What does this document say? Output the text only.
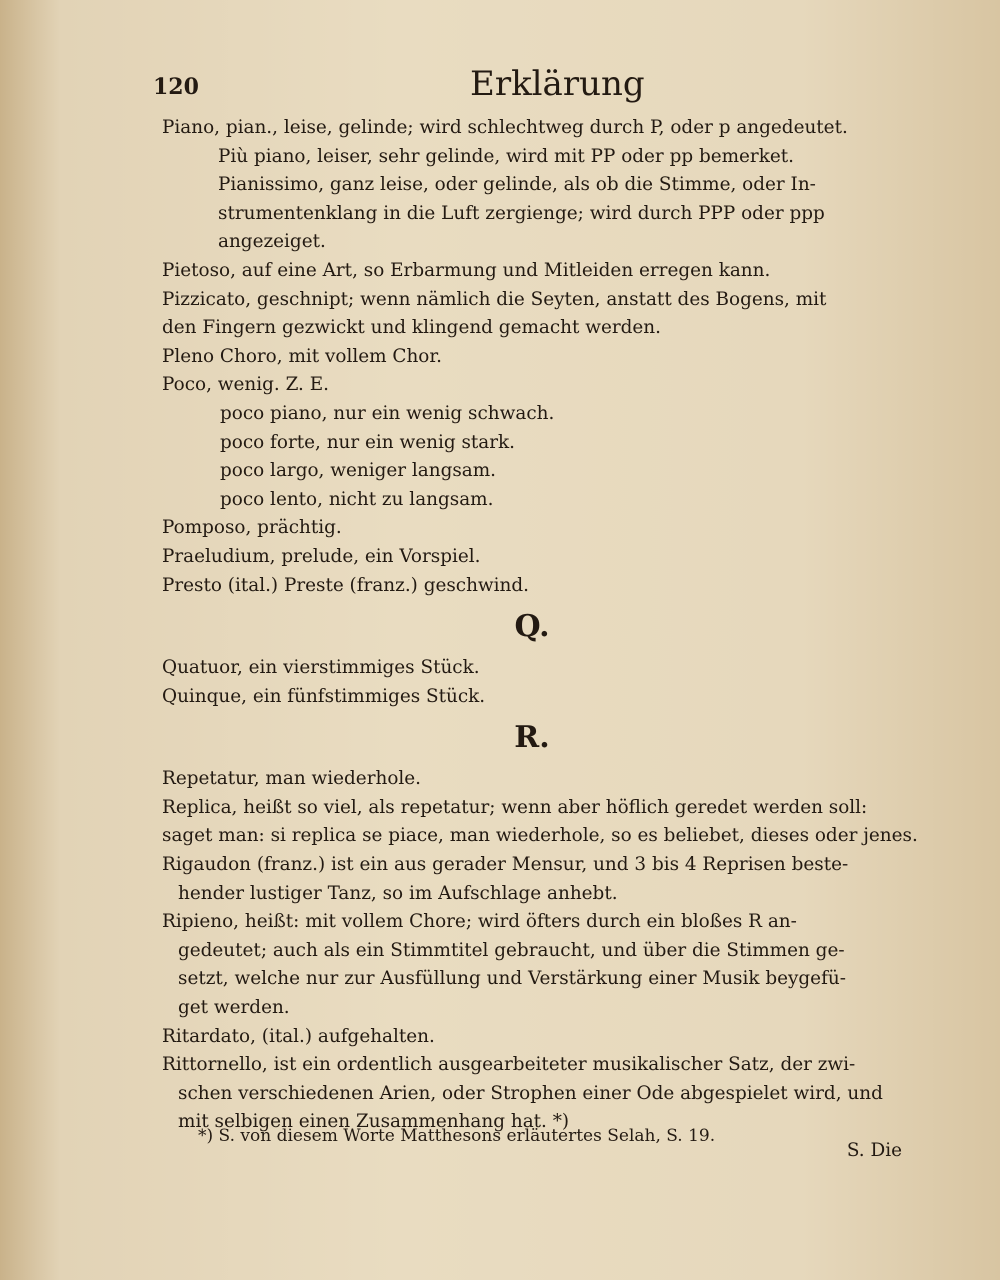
120	Erklärung
Piano, pian., leise, gelinde; wird schlechtweg durch P, oder p angedeutet.
Più piano, leiser, sehr gelinde, wird mit PP oder pp bemerket.
Pianissimo, ganz leise, oder gelinde, als ob die Stimme, oder In-
strumentenklang in die Luft zergienge; wird durch PPP oder ppp
angezeiget.
Pietoso, auf eine Art, so Erbarmung und Mitleiden erregen kann.
Pizzicato, geschnipt; wenn nämlich die Seyten, anstatt des Bogens, mit
den Fingern gezwickt und klingend gemacht werden.
Pleno Choro, mit vollem Chor.
Poco, wenig. Z. E.
poco piano, nur ein wenig schwach.
poco forte, nur ein wenig stark.
poco largo, weniger langsam.
poco lento, nicht zu langsam.
Pomposo, prächtig.
Praeludium, prelude, ein Vorspiel.
Presto (ital.) Preste (franz.) geschwind.
Q.
Quatuor, ein vierstimmiges Stück.
Quinque, ein fünfstimmiges Stück.
R.
Repetatur, man wiederhole.
Replica, heißt so viel, als repetatur; wenn aber höflich geredet werden soll:
saget man: si replica se piace, man wiederhole, so es beliebet, dieses oder jenes.
Rigaudon (franz.) ist ein aus gerader Mensur, und 3 bis 4 Reprisen beste-
hender lustiger Tanz, so im Aufschlage anhebt.
Ripieno, heißt: mit vollem Chore; wird öfters durch ein bloßes R an-
gedeutet; auch als ein Stimmtitel gebraucht, und über die Stimmen ge-
setzt, welche nur zur Ausfüllung und Verstärkung einer Musik beygefü-
get werden.
Ritardato, (ital.) aufgehalten.
Rittornello, ist ein ordentlich ausgearbeiteter musikalischer Satz, der zwi-
schen verschiedenen Arien, oder Strophen einer Ode abgespielet wird, und
mit selbigen einen Zusammenhang hat. *)
S. Die
*) S. von diesem Worte Matthesons erläutertes Selah, S. 19.
